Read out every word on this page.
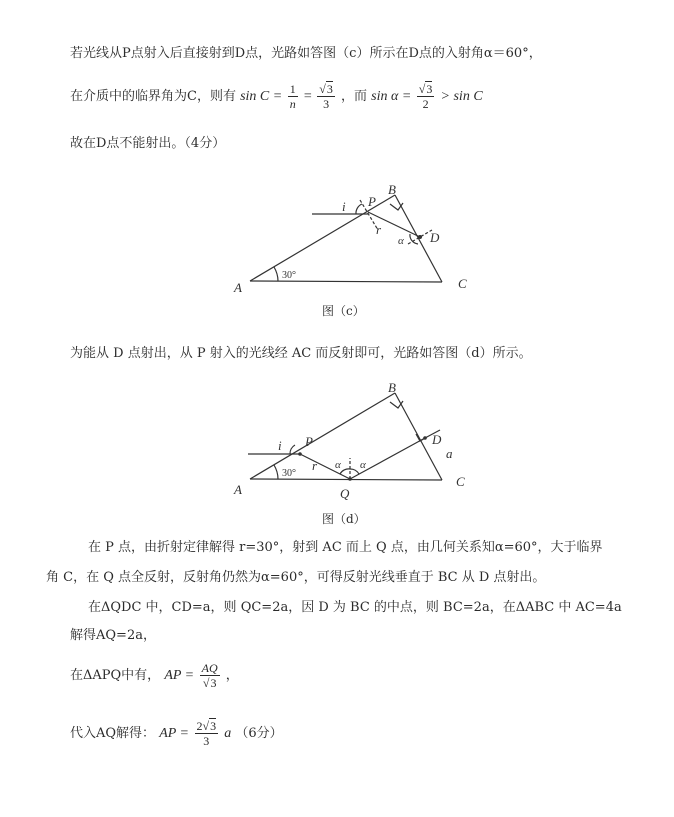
若光线从P点射入后直接射到D点，光路如答图（c）所示在D点的入射角α＝60°，
在介质中的临界角为C，则有 $\sin C = \frac{1}{n} = \frac{√3}{3}$ ，而 $\sin \alpha = \frac{√3}{2} > \sin C$
故在D点不能射出。（4分）
A
B
C
D
P
i
r
α
30°
图（c）
为能从 D 点射出，从 P 射入的光线经 AC 而反射即可，光路如答图（d）所示。
A
B
C
D
P
Q
i
r α α
a
30°
图（d）
在 P 点，由折射定律解得 r=30°，射到 AC 而上 Q 点，由几何关系知α=60°，大于临界
角 C，在 Q 点全反射，反射角仍然为α=60°，可得反射光线垂直于 BC 从 D 点射出。
在ΔQDC 中，CD=a，则 QC=2a，因 D 为 BC 的中点，则 BC=2a，在ΔABC 中 AC=4a
解得AQ=2a，
在ΔAPQ中有， AP = $\frac{AQ}{√3}$ ，
代入AQ解得： AP = $\frac{2√3}{3}$ a （6分）
